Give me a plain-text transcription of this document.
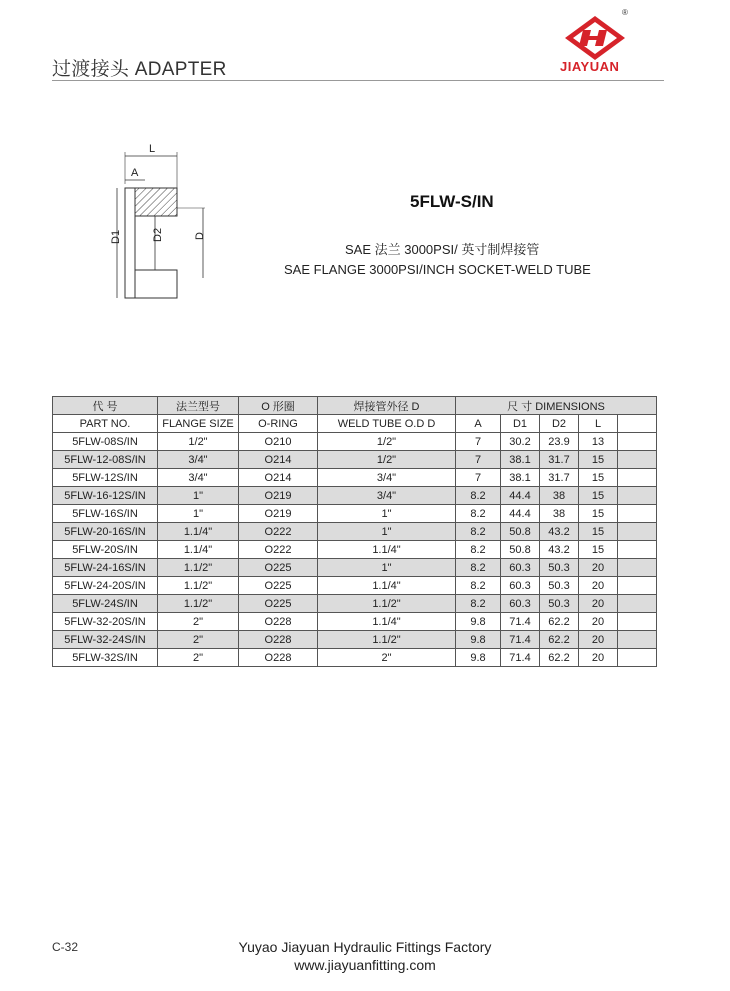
过渡接头 ADAPTER
®
JIAYUAN
L
A
D1	D2	D
5FLW-S/IN
SAE 法兰 3000PSI/ 英寸制焊接管
SAE FLANGE 3000PSI/INCH SOCKET-WELD TUBE
代 号	法兰型号	O 形圈	焊接管外径 D	尺 寸 DIMENSIONS				
PART NO.	FLANGE SIZE	O-RING	WELD TUBE O.D D	A	D1	D2	L	
5FLW-08S/IN	1/2"	O210	1/2"	7	30.2	23.9	13	
5FLW-12-08S/IN	3/4"	O214	1/2"	7	38.1	31.7	15	
5FLW-12S/IN	3/4"	O214	3/4"	7	38.1	31.7	15	
5FLW-16-12S/IN	1"	O219	3/4"	8.2	44.4	38	15	
5FLW-16S/IN	1"	O219	1"	8.2	44.4	38	15	
5FLW-20-16S/IN	1.1/4"	O222	1"	8.2	50.8	43.2	15	
5FLW-20S/IN	1.1/4"	O222	1.1/4"	8.2	50.8	43.2	15	
5FLW-24-16S/IN	1.1/2"	O225	1"	8.2	60.3	50.3	20	
5FLW-24-20S/IN	1.1/2"	O225	1.1/4"	8.2	60.3	50.3	20	
5FLW-24S/IN	1.1/2"	O225	1.1/2"	8.2	60.3	50.3	20	
5FLW-32-20S/IN	2"	O228	1.1/4"	9.8	71.4	62.2	20	
5FLW-32-24S/IN	2"	O228	1.1/2"	9.8	71.4	62.2	20	
5FLW-32S/IN	2"	O228	2"	9.8	71.4	62.2	20	
C-32	Yuyao Jiayuan Hydraulic Fittings Factory
www.jiayuanfitting.com
